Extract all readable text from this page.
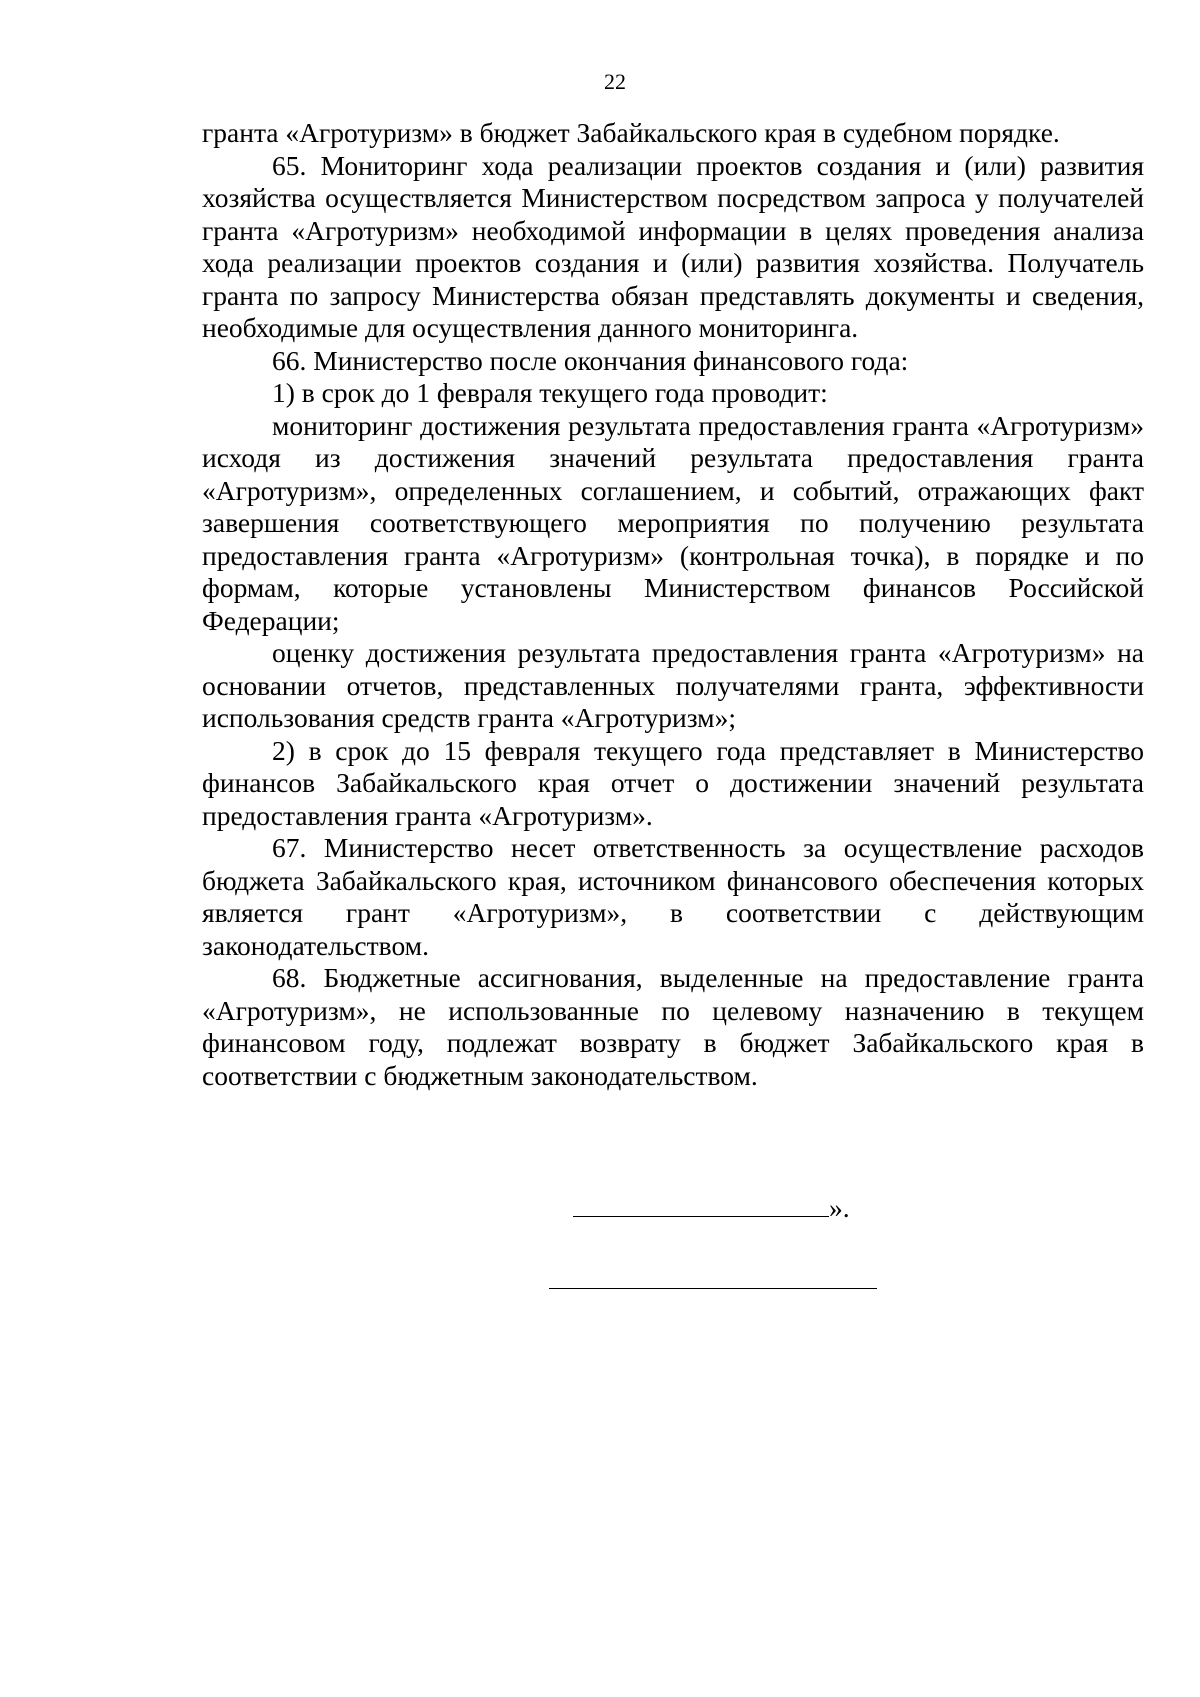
22

гранта «Агротуризм» в бюджет Забайкальского края в судебном порядке.

65. Мониторинг хода реализации проектов создания и (или) развития хозяйства осуществляется Министерством посредством запроса у получателей гранта «Агротуризм» необходимой информации в целях проведения анализа хода реализации проектов создания и (или) развития хозяйства. Получатель гранта по запросу Министерства обязан представлять документы и сведения, необходимые для осуществления данного мониторинга.

66. Министерство после окончания финансового года:

1) в срок до 1 февраля текущего года проводит:

мониторинг достижения результата предоставления гранта «Агротуризм» исходя из достижения значений результата предоставления гранта «Агротуризм», определенных соглашением, и событий, отражающих факт завершения соответствующего мероприятия по получению результата предоставления гранта «Агротуризм» (контрольная точка), в порядке и по формам, которые установлены Министерством финансов Российской Федерации;

оценку достижения результата предоставления гранта «Агротуризм» на основании отчетов, представленных получателями гранта, эффективности использования средств гранта «Агротуризм»;

2) в срок до 15 февраля текущего года представляет в Министерство финансов Забайкальского края отчет о достижении значений результата предоставления гранта «Агротуризм».

67. Министерство несет ответственность за осуществление расходов бюджета Забайкальского края, источником финансового обеспечения которых является грант «Агротуризм», в соответствии с действующим законодательством.

68. Бюджетные ассигнования, выделенные на предоставление гранта «Агротуризм», не использованные по целевому назначению в текущем финансовом году, подлежат возврату в бюджет Забайкальского края в соответствии с бюджетным законодательством.

».
